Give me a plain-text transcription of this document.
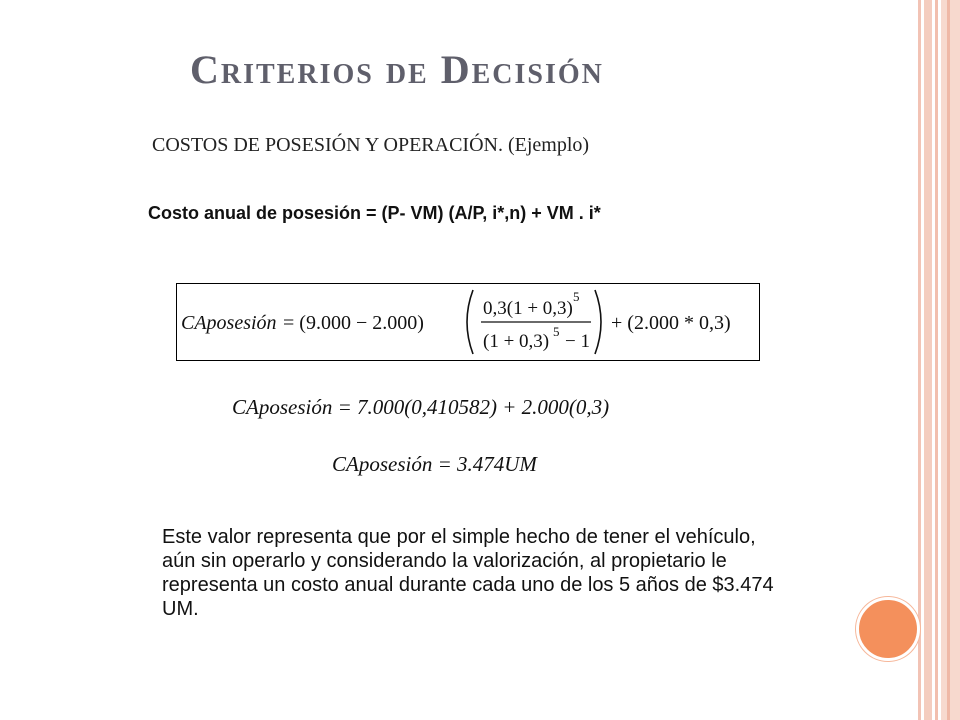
Criterios de Decisión
COSTOS DE POSESIÓN Y OPERACIÓN. (Ejemplo)
Costo anual de posesión = (P- VM) (A/P, i*,n) + VM . i*
CAposesión = (9.000 − 2.000)
0,3(1 + 0,3)
5
(1 + 0,3) 5 − 1
+ (2.000 * 0,3)
CAposesión = 7.000(0,410582) + 2.000(0,3)
CAposesión = 3.474UM
Este valor representa que por el simple hecho de tener el vehículo, aún sin operarlo y considerando la valorización, al propietario le representa un costo anual durante cada uno de los 5 años de $3.474 UM.
